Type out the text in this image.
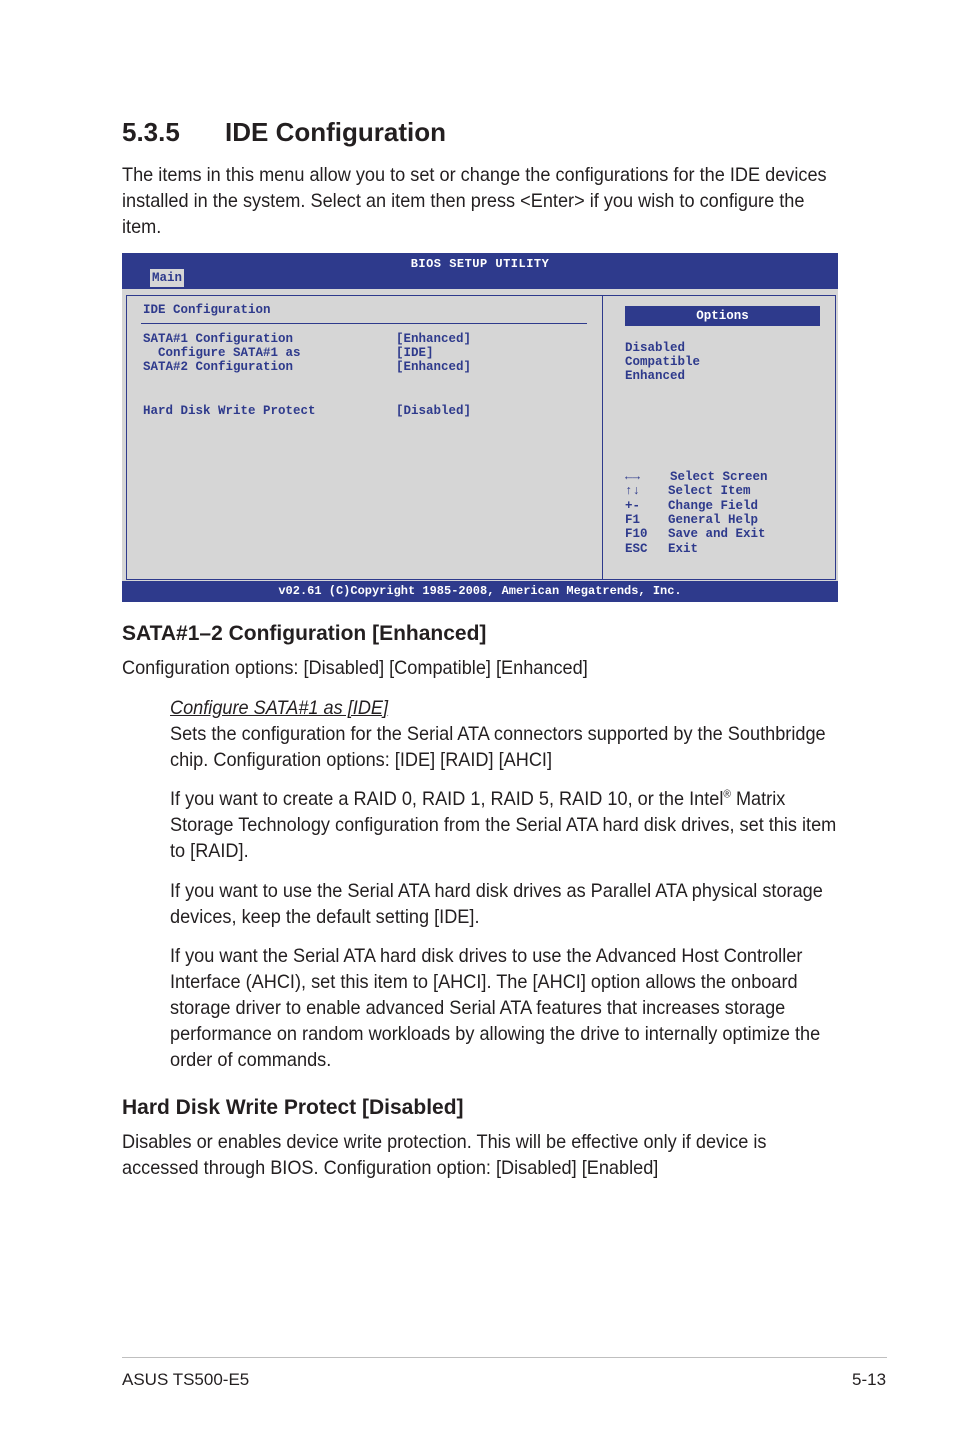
5.3.5 IDE Configuration
The items in this menu allow you to set or change the configurations for the IDE devices installed in the system. Select an item then press <Enter> if you wish to configure the item.
BIOS SETUP UTILITY
Main
IDE Configuration
SATA#1 Configuration	[Enhanced]
Configure SATA#1 as	[IDE]
SATA#2 Configuration	[Enhanced]
Hard Disk Write Protect	[Disabled]
Options
Disabled
Compatible
Enhanced
←→ Select Screen
↑↓ Select Item
+- Change Field
F1 General Help
F10 Save and Exit
ESC Exit
v02.61 (C)Copyright 1985-2008, American Megatrends, Inc.
SATA#1–2 Configuration [Enhanced]
Configuration options: [Disabled] [Compatible] [Enhanced]
Configure SATA#1 as [IDE]
Sets the configuration for the Serial ATA connectors supported by the Southbridge chip. Configuration options: [IDE] [RAID] [AHCI]
If you want to create a RAID 0, RAID 1, RAID 5, RAID 10, or the Intel® Matrix Storage Technology configuration from the Serial ATA hard disk drives, set this item to [RAID].
If you want to use the Serial ATA hard disk drives as Parallel ATA physical storage devices, keep the default setting [IDE].
If you want the Serial ATA hard disk drives to use the Advanced Host Controller Interface (AHCI), set this item to [AHCI]. The [AHCI] option allows the onboard storage driver to enable advanced Serial ATA features that increases storage performance on random workloads by allowing the drive to internally optimize the order of commands.
Hard Disk Write Protect [Disabled]
Disables or enables device write protection. This will be effective only if device is accessed through BIOS. Configuration option: [Disabled] [Enabled]
ASUS TS500-E5	5-13
